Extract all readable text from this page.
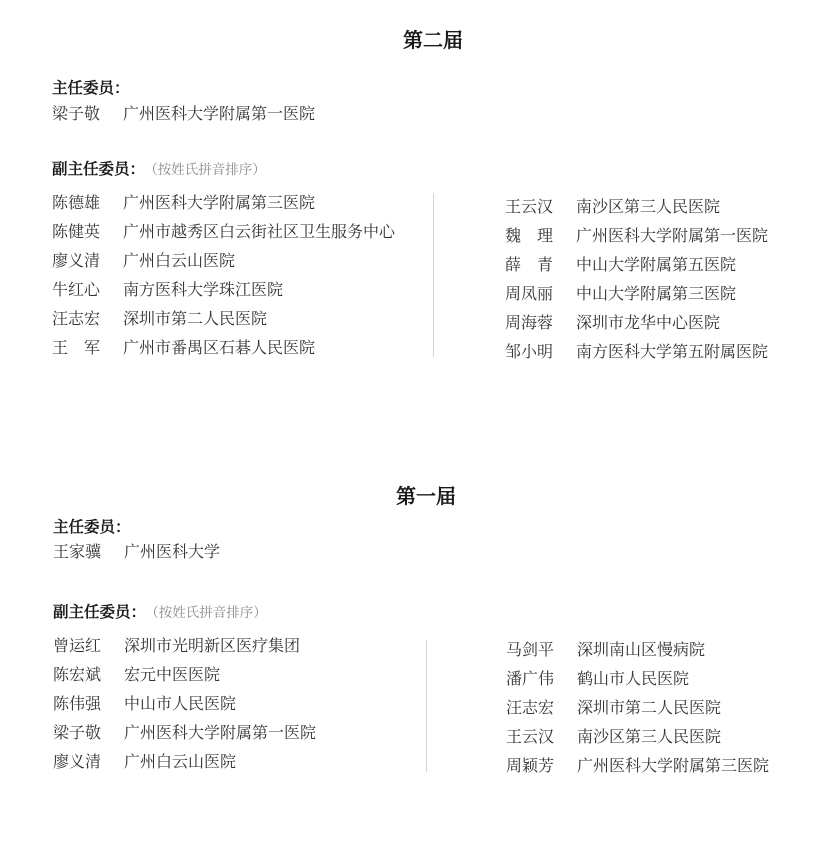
第二届
主任委员：
梁子敬 广州医科大学附属第一医院
副主任委员： （按姓氏拼音排序）
陈德雄 广州医科大学附属第三医院
陈健英 广州市越秀区白云街社区卫生服务中心
廖义清 广州白云山医院
牛红心 南方医科大学珠江医院
汪志宏 深圳市第二人民医院
王　军 广州市番禺区石碁人民医院
王云汉 南沙区第三人民医院
魏　理 广州医科大学附属第一医院
薛　青 中山大学附属第五医院
周凤丽 中山大学附属第三医院
周海蓉 深圳市龙华中心医院
邹小明 南方医科大学第五附属医院
第一届
主任委员：
王家骥 广州医科大学
副主任委员： （按姓氏拼音排序）
曾运红 深圳市光明新区医疗集团
陈宏斌 宏元中医医院
陈伟强 中山市人民医院
梁子敬 广州医科大学附属第一医院
廖义清 广州白云山医院
马剑平 深圳南山区慢病院
潘广伟 鹤山市人民医院
汪志宏 深圳市第二人民医院
王云汉 南沙区第三人民医院
周颖芳 广州医科大学附属第三医院
